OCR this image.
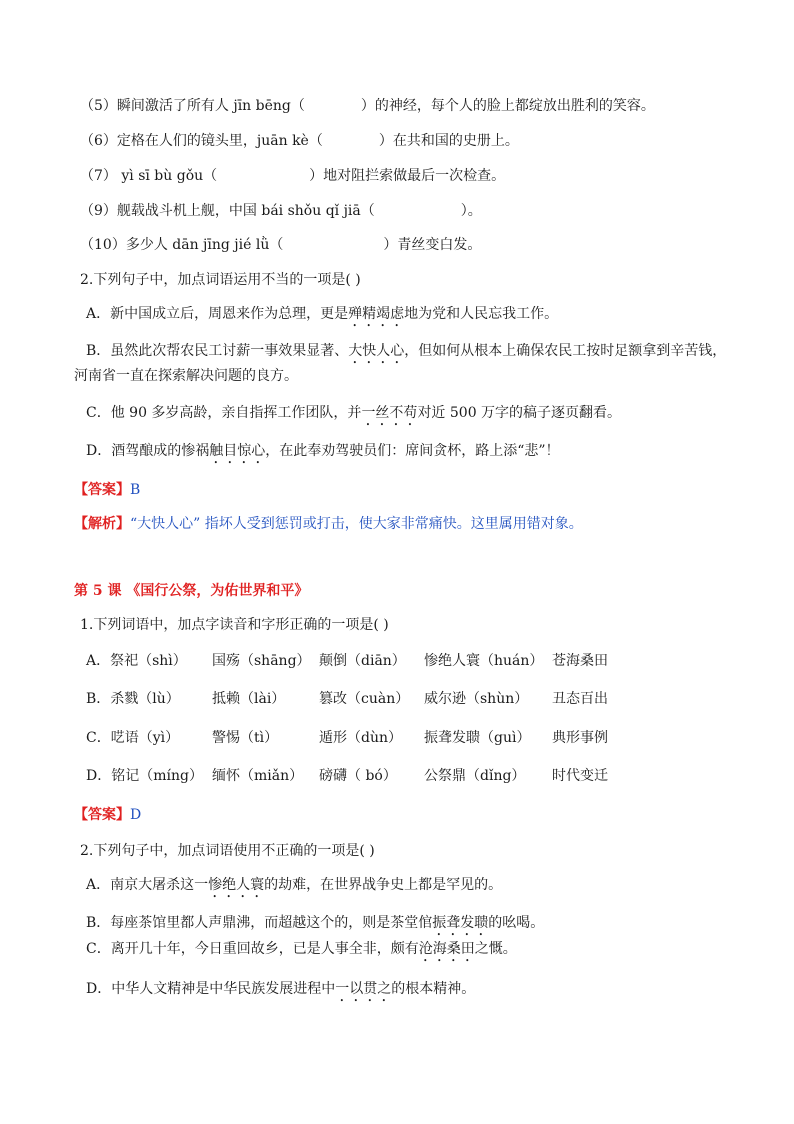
（5）瞬间激活了所有人 jīn bēng（	）的神经，每个人的脸上都绽放出胜利的笑容。
（6）定格在人们的镜头里，juān kè（	）在共和国的史册上。
（7） yì sī bù gǒu（	）地对阻拦索做最后一次检查。
（9）舰载战斗机上舰，中国 bái shǒu qǐ jiā（	）。
（10）多少人 dān jīng jié lǜ（	）青丝变白发。
2.下列句子中，加点词语运用不当的一项是( )
A．新中国成立后，周恩来作为总理，更是殚精竭虑地为党和人民忘我工作。
B．虽然此次帮农民工讨薪一事效果显著、大快人心，但如何从根本上确保农民工按时足额拿到辛苦钱，
河南省一直在探索解决问题的良方。
C．他 90 多岁高龄，亲自指挥工作团队，并一丝不苟对近 500 万字的稿子逐页翻看。
D．酒驾酿成的惨祸触目惊心，在此奉劝驾驶员们：席间贪杯，路上添“悲”！
【答案】B
【解析】“大快人心” 指坏人受到惩罚或打击，使大家非常痛快。这里属用错对象。
第 5 课 《国行公祭，为佑世界和平》
1.下列词语中，加点字读音和字形正确的一项是( )
A．祭祀（shì） 国殇（shāng） 颠倒（diān） 惨绝人寰（huán） 苍海桑田
B．杀戮（lù） 抵赖（lài） 篡改（cuàn） 威尔逊（shùn） 丑态百出
C．呓语（yì） 警惕（tì）	遁形（dùn） 振聋发聩（guì） 典形事例
D．铭记（míng） 缅怀（miǎn） 磅礴（ bó） 公祭鼎（dǐng） 时代变迁
【答案】D
2.下列句子中，加点词语使用不正确的一项是( )
A．南京大屠杀这一惨绝人寰的劫难，在世界战争史上都是罕见的。
B．每座茶馆里都人声鼎沸，而超越这个的，则是茶堂倌振聋发聩的吆喝。
C．离开几十年，今日重回故乡，已是人事全非，颇有沧海桑田之慨。
D．中华人文精神是中华民族发展进程中一以贯之的根本精神。
